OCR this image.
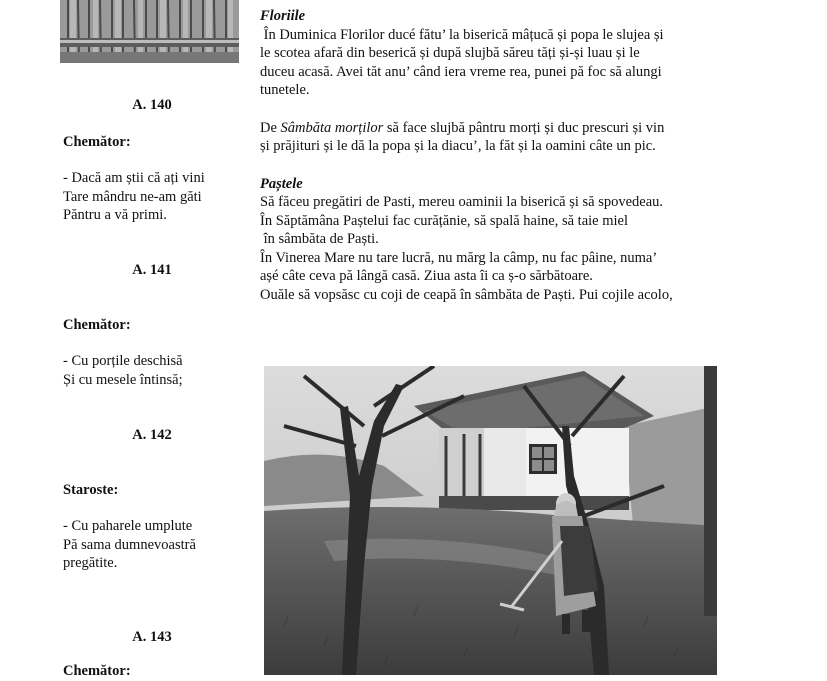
A. 140
Chemător:
- Dacă am știi că ați vini
Tare mândru ne-am găti
Păntru a vă primi.
A. 141
Chemător:
- Cu porțile deschisă
Și cu mesele întinsă;
A. 142
Staroste:
- Cu paharele umplute
Pă sama dumnevoastră
pregătite.
A. 143
Chemător:
Floriile
În Duminica Florilor ducé fătu’ la biserică mâțucă și popa le slujea și
le scotea afară din beserică și după slujbă săreu tăți și-și luau și le
duceu acasă. Avei tăt anu’ când iera vreme rea, punei pă foc să alungi
tunetele.
De Sâmbăta morților să face slujbă pântru morți și duc prescuri și vin
și prăjituri și le dă la popa și la diacu’, la făt și la oamini câte un pic.
Paștele
Să făceu pregătiri de Pasti, mereu oaminii la biserică și să spovedeau.
În Săptămâna Paștelui fac curățănie, să spală haine, să taie miel
în sâmbăta de Paști.
În Vinerea Mare nu tare lucră, nu mărg la câmp, nu fac pâine, numa’
așé câte ceva pă lângă casă. Ziua asta îi ca ș-o sărbătoare.
Ouăle să vopsăsc cu coji de ceapă în sâmbăta de Paști. Pui cojile acolo,
